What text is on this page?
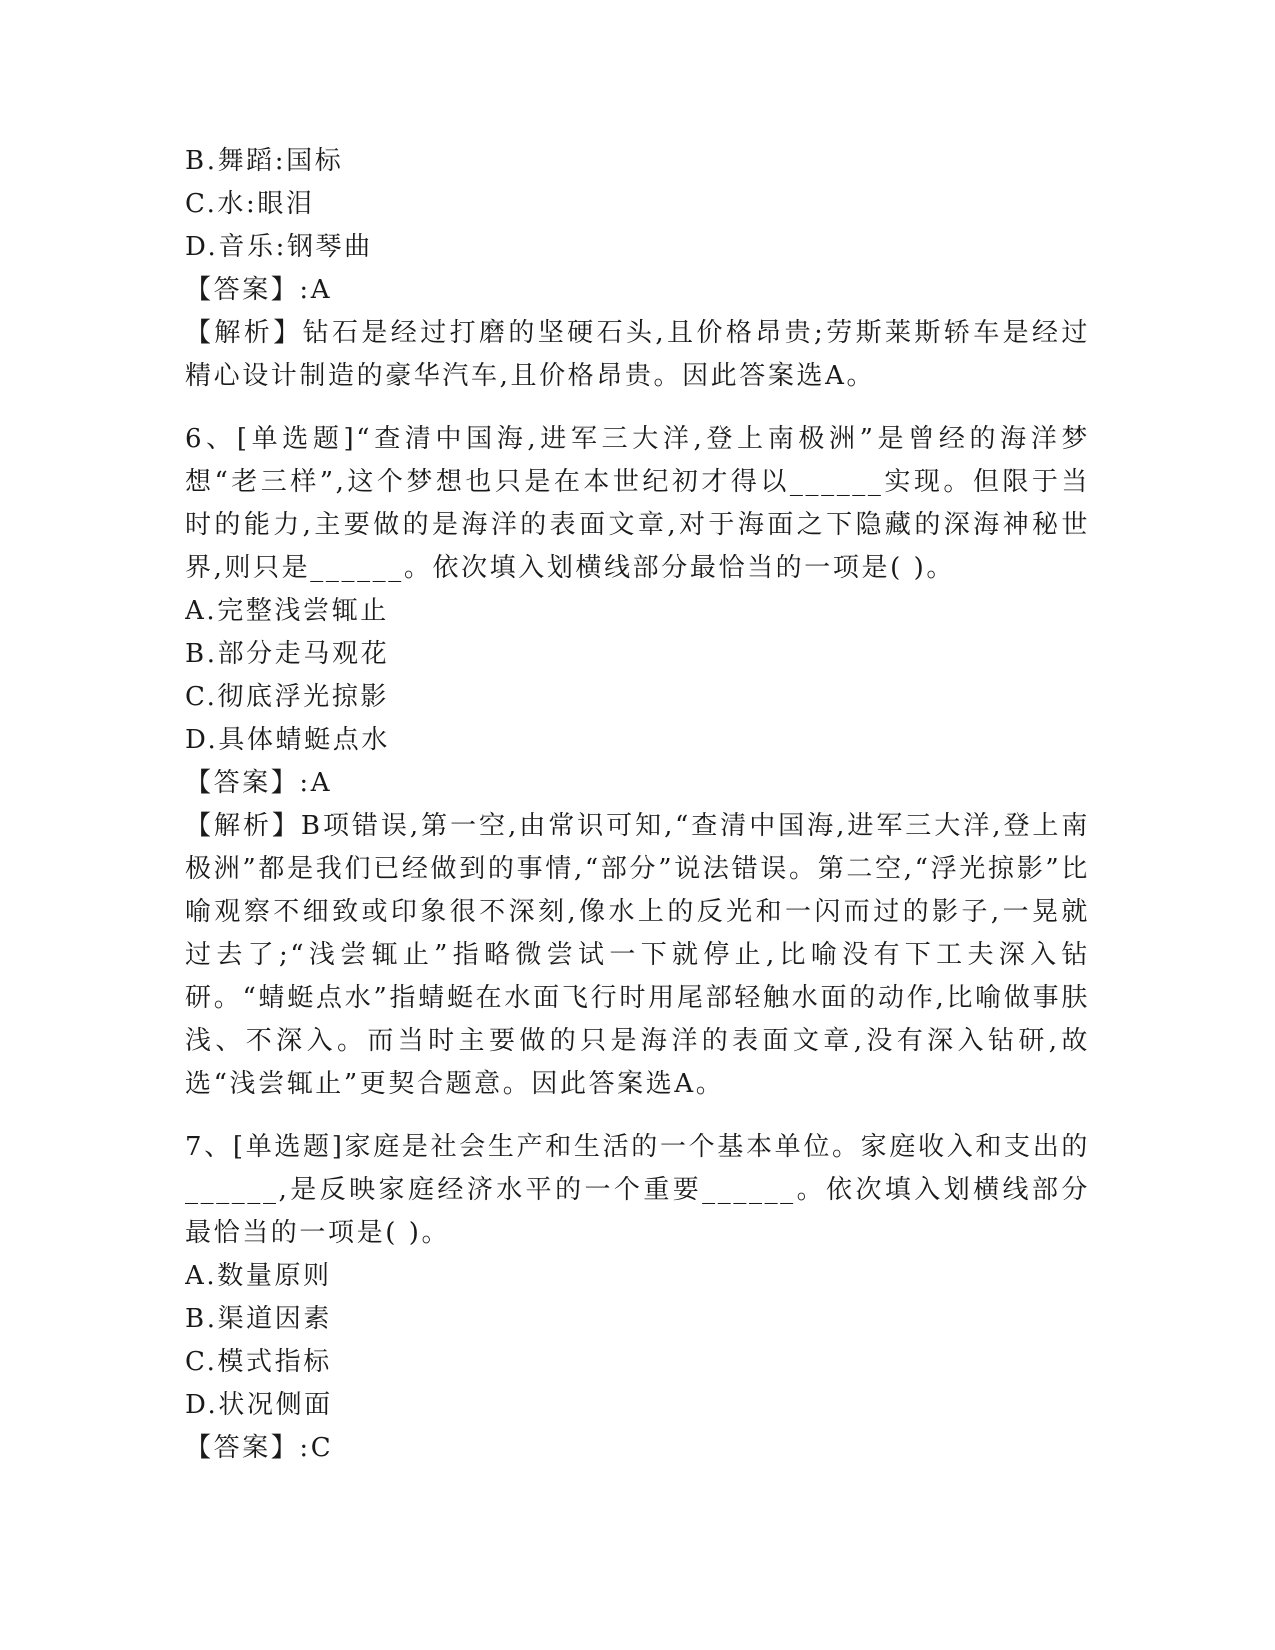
B.舞蹈:国标
C.水:眼泪
D.音乐:钢琴曲
【答案】:A
【解析】钻石是经过打磨的坚硬石头,且价格昂贵;劳斯莱斯轿车是经过精心设计制造的豪华汽车,且价格昂贵。因此答案选A。
6、[单选题]“查清中国海,进军三大洋,登上南极洲”是曾经的海洋梦想“老三样”,这个梦想也只是在本世纪初才得以______实现。但限于当时的能力,主要做的是海洋的表面文章,对于海面之下隐藏的深海神秘世界,则只是______。依次填入划横线部分最恰当的一项是( )。
A.完整浅尝辄止
B.部分走马观花
C.彻底浮光掠影
D.具体蜻蜓点水
【答案】:A
【解析】B项错误,第一空,由常识可知,“查清中国海,进军三大洋,登上南极洲”都是我们已经做到的事情,“部分”说法错误。第二空,“浮光掠影”比喻观察不细致或印象很不深刻,像水上的反光和一闪而过的影子,一晃就过去了;“浅尝辄止”指略微尝试一下就停止,比喻没有下工夫深入钻研。“蜻蜓点水”指蜻蜓在水面飞行时用尾部轻触水面的动作,比喻做事肤浅、不深入。而当时主要做的只是海洋的表面文章,没有深入钻研,故选“浅尝辄止”更契合题意。因此答案选A。
7、[单选题]家庭是社会生产和生活的一个基本单位。家庭收入和支出的______,是反映家庭经济水平的一个重要______。依次填入划横线部分最恰当的一项是( )。
A.数量原则
B.渠道因素
C.模式指标
D.状况侧面
【答案】:C
